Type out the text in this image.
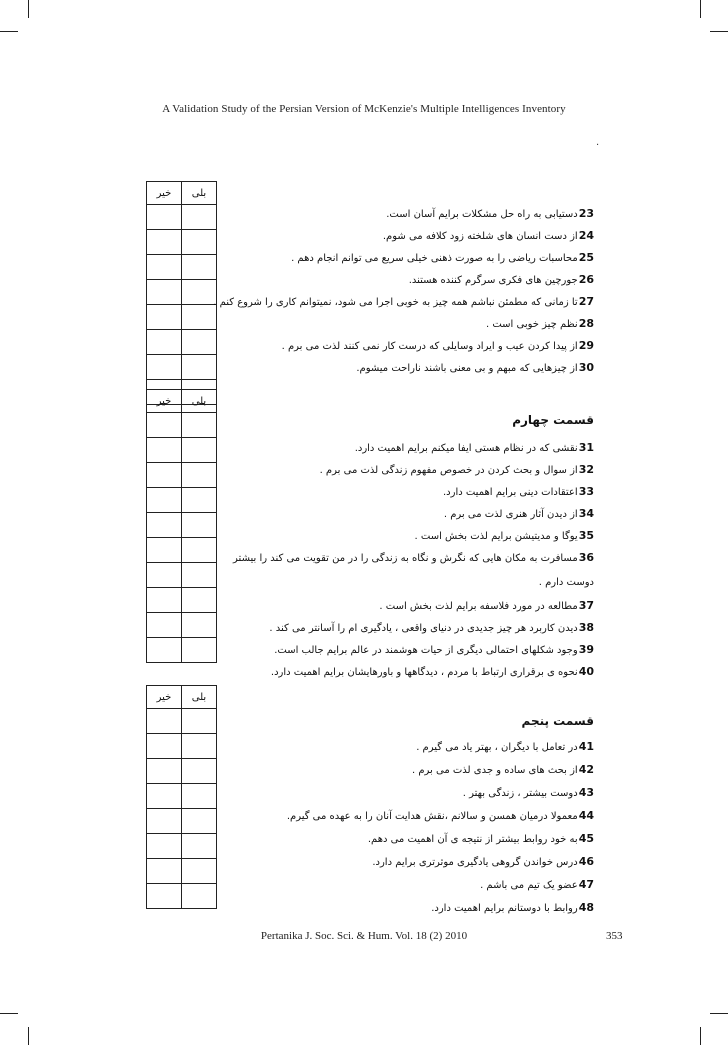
A Validation Study of the Persian Version of McKenzie's Multiple Intelligences Inventory
·
خیر	بلی

خیر	بلی

خیر	بلی

23دستیابی به راه حل مشکلات برایم آسان است.
24از دست انسان های شلخته زود کلافه می شوم.
25محاسبات ریاضی را به صورت ذهنی خیلی سریع می توانم انجام دهم .
26جورچین های فکری سرگرم کننده هستند.
27تا زمانی که مطمئن نباشم همه چیز به خوبی اجرا می شود، نمیتوانم کاری را شروع کنم .
28نظم چیز خوبی است .
29از پیدا کردن عیب و ایراد وسایلی که درست کار نمی کنند لذت می برم .
30از چیزهایی که مبهم و بی معنی باشند ناراحت میشوم.
قسمت چهارم
31نقشی که در نظام هستی ایفا میکنم برایم اهمیت دارد.
32از سوال و بحث کردن در خصوص مفهوم زندگی لذت می برم .
33اعتقادات دینی برایم اهمیت دارد.
34از دیدن آثار هنری لذت می برم .
35یوگا و مدیتیشن برایم لذت بخش است .
36مسافرت به مکان هایی که نگرش و نگاه به زندگی را در من تقویت می کند را بیشتر دوست دارم .
37مطالعه در مورد فلاسفه برایم لذت بخش است .
38دیدن کاربرد هر چیز جدیدی در دنیای واقعی ، یادگیری ام را آسانتر می کند .
39وجود شکلهای احتمالی دیگری از حیات هوشمند در عالم برایم جالب است.
40نحوه ی برقراری ارتباط با مردم ، دیدگاهها و باورهایشان برایم اهمیت دارد.
قسمت پنجم
41در تعامل با دیگران ، بهتر یاد می گیرم .
42از بحث های ساده و جدی لذت می برم .
43دوست بیشتر ، زندگی بهتر .
44معمولا درمیان همسن و سالانم ،نقش هدایت آنان را به عهده می گیرم.
45به خود روابط بیشتر از نتیجه ی آن اهمیت می دهم.
46درس خواندن گروهی یادگیری موثرتری برایم دارد.
47عضو یک تیم می باشم .
48روابط با دوستانم برایم اهمیت دارد.
Pertanika J. Soc. Sci. & Hum. Vol. 18 (2) 2010	353
